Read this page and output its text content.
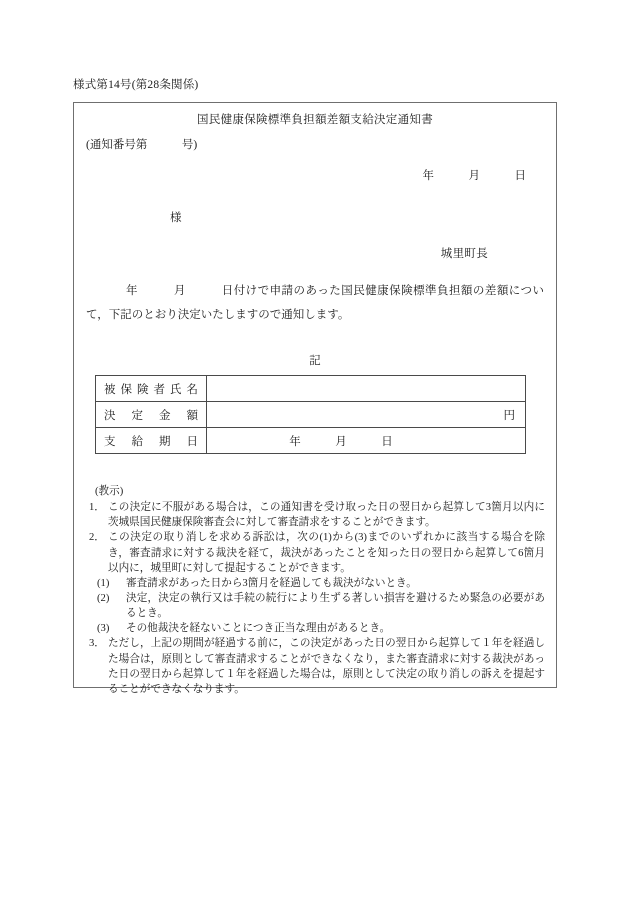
様式第14号(第28条関係)
国民健康保険標準負担額差額支給決定通知書
(通知番号第　　　号)
年　　　月　　　日
様
城里町長
年　　　月　　　日付けで申請のあった国民健康保険標準負担額の差額について，下記のとおり決定いたしますので通知します。
記
被保険者氏名	
決定金額	円
支給期日	年　　　月　　　日
(教示)
1． この決定に不服がある場合は，この通知書を受け取った日の翌日から起算して3箇月以内に茨城県国民健康保険審査会に対して審査請求をすることができます。
2． この決定の取り消しを求める訴訟は，次の(1)から(3)までのいずれかに該当する場合を除き，審査請求に対する裁決を経て，裁決があったことを知った日の翌日から起算して6箇月以内に，城里町に対して提起することができます。
(1) 審査請求があった日から3箇月を経過しても裁決がないとき。
(2) 決定，決定の執行又は手続の続行により生ずる著しい損害を避けるため緊急の必要があるとき。
(3) その他裁決を経ないことにつき正当な理由があるとき。
3． ただし，上記の期間が経過する前に，この決定があった日の翌日から起算して１年を経過した場合は，原則として審査請求することができなくなり，また審査請求に対する裁決があった日の翌日から起算して１年を経過した場合は，原則として決定の取り消しの訴えを提起することができなくなります。
